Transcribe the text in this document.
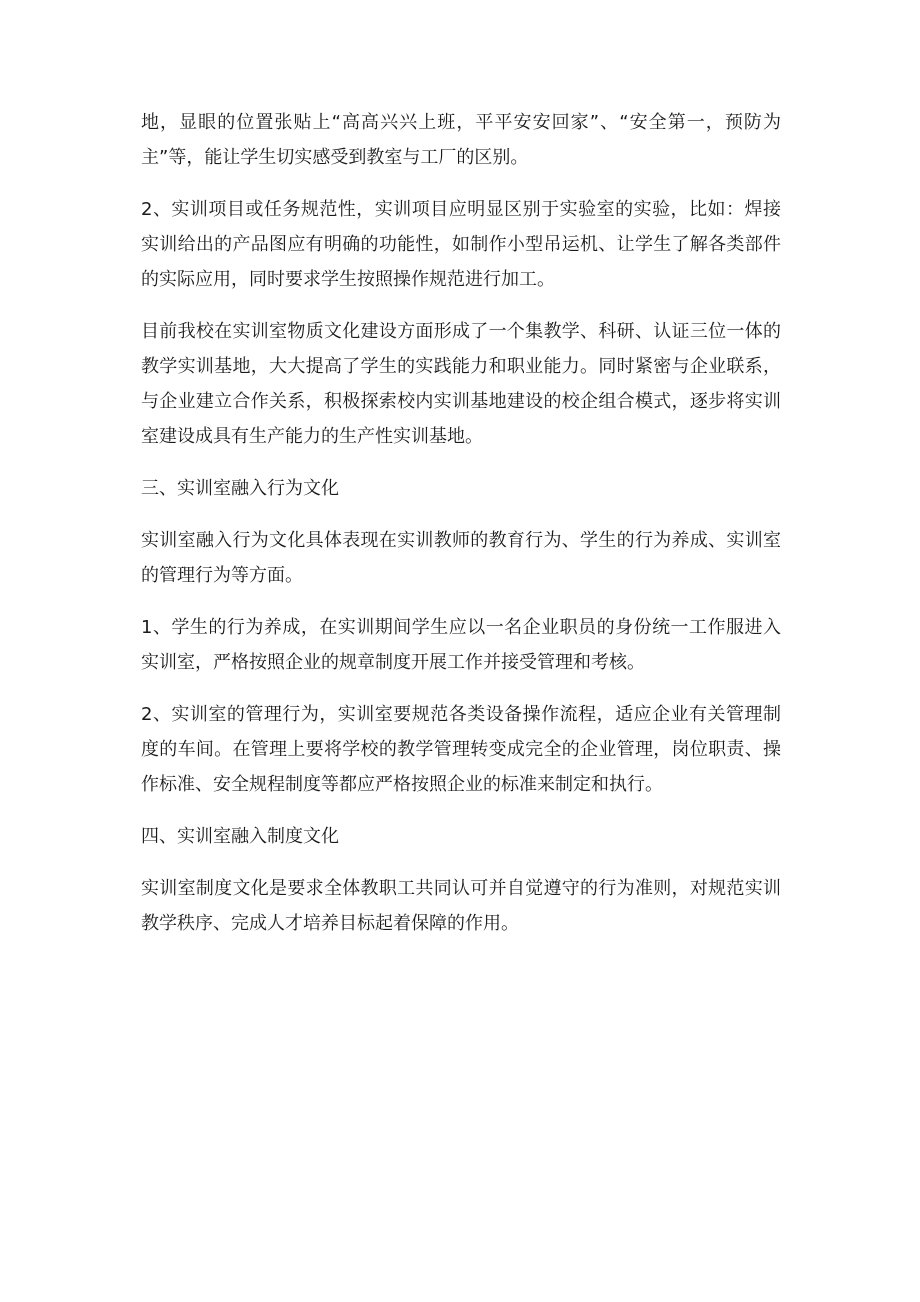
地，显眼的位置张贴上“高高兴兴上班，平平安安回家”、“安全第一，预防为主”等，能让学生切实感受到教室与工厂的区别。

2、实训项目或任务规范性，实训项目应明显区别于实验室的实验，比如：焊接实训给出的产品图应有明确的功能性，如制作小型吊运机、让学生了解各类部件的实际应用，同时要求学生按照操作规范进行加工。

目前我校在实训室物质文化建设方面形成了一个集教学、科研、认证三位一体的教学实训基地，大大提高了学生的实践能力和职业能力。同时紧密与企业联系，与企业建立合作关系，积极探索校内实训基地建设的校企组合模式，逐步将实训室建设成具有生产能力的生产性实训基地。

三、实训室融入行为文化

实训室融入行为文化具体表现在实训教师的教育行为、学生的行为养成、实训室的管理行为等方面。

1、学生的行为养成，在实训期间学生应以一名企业职员的身份统一工作服进入实训室，严格按照企业的规章制度开展工作并接受管理和考核。

2、实训室的管理行为，实训室要规范各类设备操作流程，适应企业有关管理制度的车间。在管理上要将学校的教学管理转变成完全的企业管理，岗位职责、操作标准、安全规程制度等都应严格按照企业的标准来制定和执行。

四、实训室融入制度文化

实训室制度文化是要求全体教职工共同认可并自觉遵守的行为准则，对规范实训教学秩序、完成人才培养目标起着保障的作用。
